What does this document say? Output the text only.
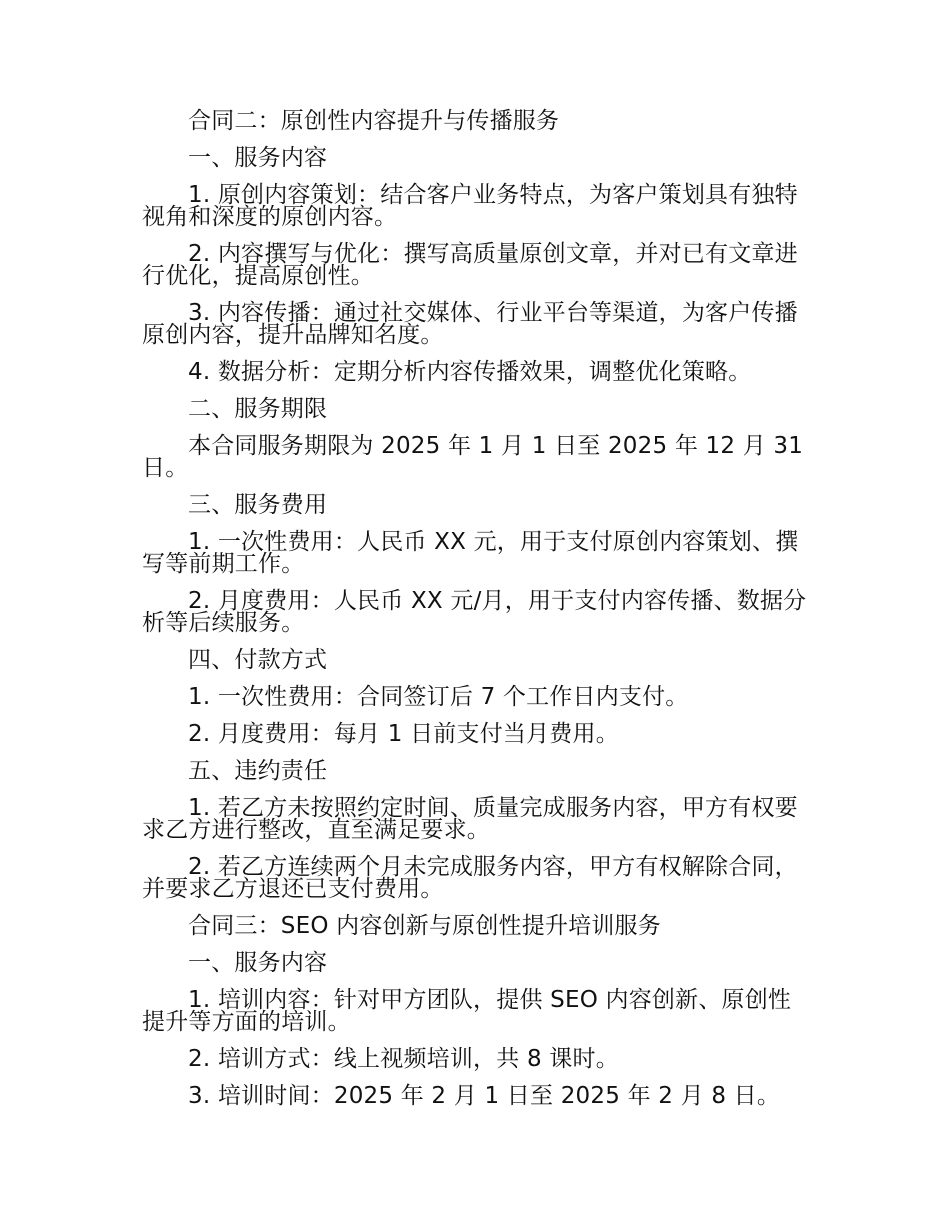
合同二：原创性内容提升与传播服务

一、服务内容

1. 原创内容策划：结合客户业务特点，为客户策划具有独特视角和深度的原创内容。

2. 内容撰写与优化：撰写高质量原创文章，并对已有文章进行优化，提高原创性。

3. 内容传播：通过社交媒体、行业平台等渠道，为客户传播原创内容，提升品牌知名度。

4. 数据分析：定期分析内容传播效果，调整优化策略。

二、服务期限

本合同服务期限为 2025 年 1 月 1 日至 2025 年 12 月 31 日。

三、服务费用

1. 一次性费用：人民币 XX 元，用于支付原创内容策划、撰写等前期工作。

2. 月度费用：人民币 XX 元/月，用于支付内容传播、数据分析等后续服务。

四、付款方式

1. 一次性费用：合同签订后 7 个工作日内支付。

2. 月度费用：每月 1 日前支付当月费用。

五、违约责任

1. 若乙方未按照约定时间、质量完成服务内容，甲方有权要求乙方进行整改，直至满足要求。

2. 若乙方连续两个月未完成服务内容，甲方有权解除合同，并要求乙方退还已支付费用。

合同三：SEO 内容创新与原创性提升培训服务

一、服务内容

1. 培训内容：针对甲方团队，提供 SEO 内容创新、原创性提升等方面的培训。

2. 培训方式：线上视频培训，共 8 课时。

3. 培训时间：2025 年 2 月 1 日至 2025 年 2 月 8 日。
